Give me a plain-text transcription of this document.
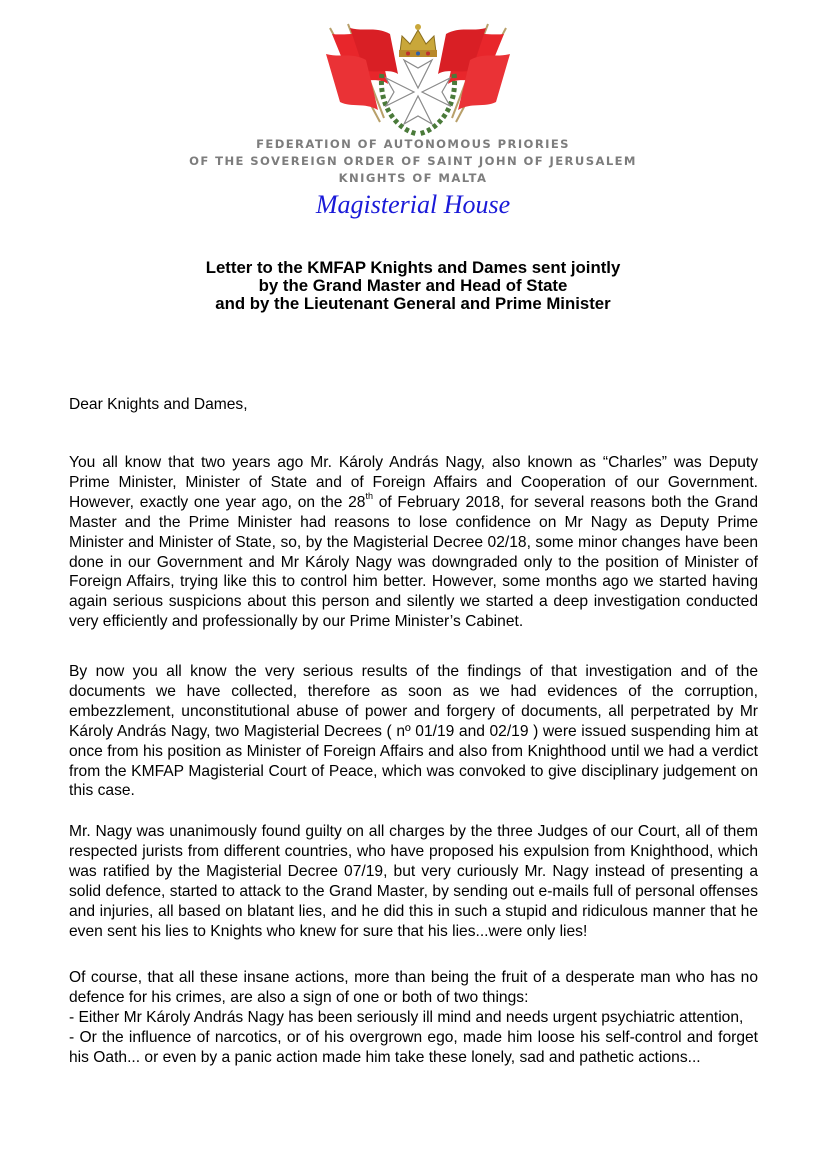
FEDERATION OF AUTONOMOUS PRIORIES
OF THE SOVEREIGN ORDER OF SAINT JOHN OF JERUSALEM
KNIGHTS OF MALTA
Magisterial House
Letter to the KMFAP Knights and Dames sent jointly
by the Grand Master and Head of State
and by the Lieutenant General and Prime Minister
Dear Knights and Dames,

You all know that two years ago Mr. Károly András Nagy, also known as “Charles” was Deputy Prime Minister, Minister of State and of Foreign Affairs and Cooperation of our Government. However, exactly one year ago, on the 28th of February 2018, for several reasons both the Grand Master and the Prime Minister had reasons to lose confidence on Mr Nagy as Deputy Prime Minister and Minister of State, so, by the Magisterial Decree 02/18, some minor changes have been done in our Government and Mr Károly Nagy was downgraded only to the position of Minister of Foreign Affairs, trying like this to control him better. However, some months ago we started having again serious suspicions about this person and silently we started a deep investigation conducted very efficiently and professionally by our Prime Minister’s Cabinet.

By now you all know the very serious results of the findings of that investigation and of the documents we have collected, therefore as soon as we had evidences of the corruption, embezzlement, unconstitutional abuse of power and forgery of documents, all perpetrated by Mr Károly András Nagy, two Magisterial Decrees ( nº 01/19 and 02/19 ) were issued suspending him at once from his position as Minister of Foreign Affairs and also from Knighthood until we had a verdict from the KMFAP Magisterial Court of Peace, which was convoked to give disciplinary judgement on this case.

Mr. Nagy was unanimously found guilty on all charges by the three Judges of our Court, all of them respected jurists from different countries, who have proposed his expulsion from Knighthood, which was ratified by the Magisterial Decree 07/19, but very curiously Mr. Nagy instead of presenting a solid defence, started to attack to the Grand Master, by sending out e-mails full of personal offenses and injuries, all based on blatant lies, and he did this in such a stupid and ridiculous manner that he even sent his lies to Knights who knew for sure that his lies...were only lies!

Of course, that all these insane actions, more than being the fruit of a desperate man who has no defence for his crimes, are also a sign of one or both of two things:
- Either Mr Károly András Nagy has been seriously ill mind and needs urgent psychiatric attention,
- Or the influence of narcotics, or of his overgrown ego, made him loose his self-control and forget his Oath... or even by a panic action made him take these lonely, sad and pathetic actions...
